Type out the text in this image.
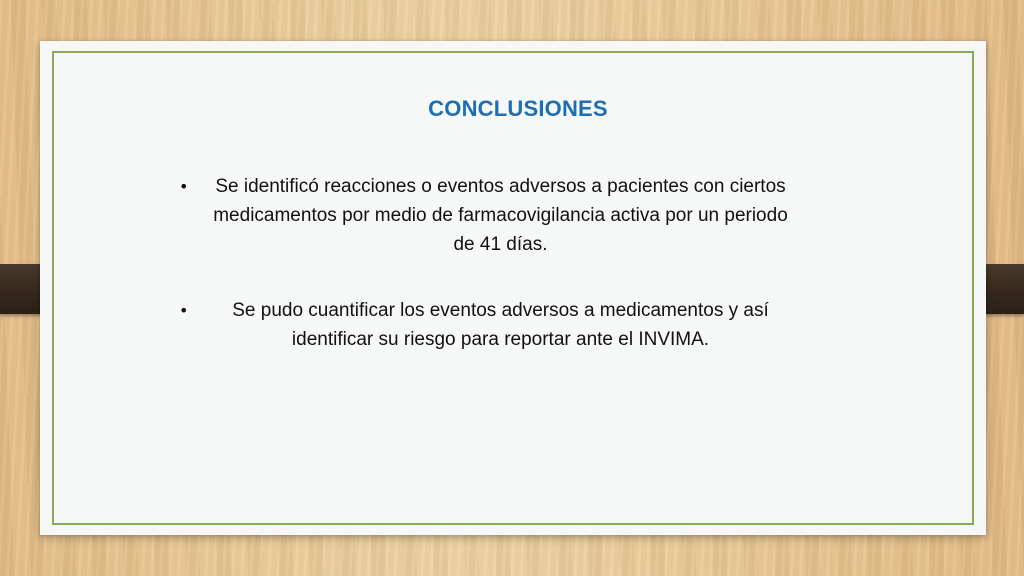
CONCLUSIONES
•	Se identificó reacciones o eventos adversos a pacientes con ciertos medicamentos por medio de farmacovigilancia activa por un periodo de 41 días.
•	Se pudo cuantificar los eventos adversos a medicamentos y así identificar su riesgo para reportar ante el INVIMA.
